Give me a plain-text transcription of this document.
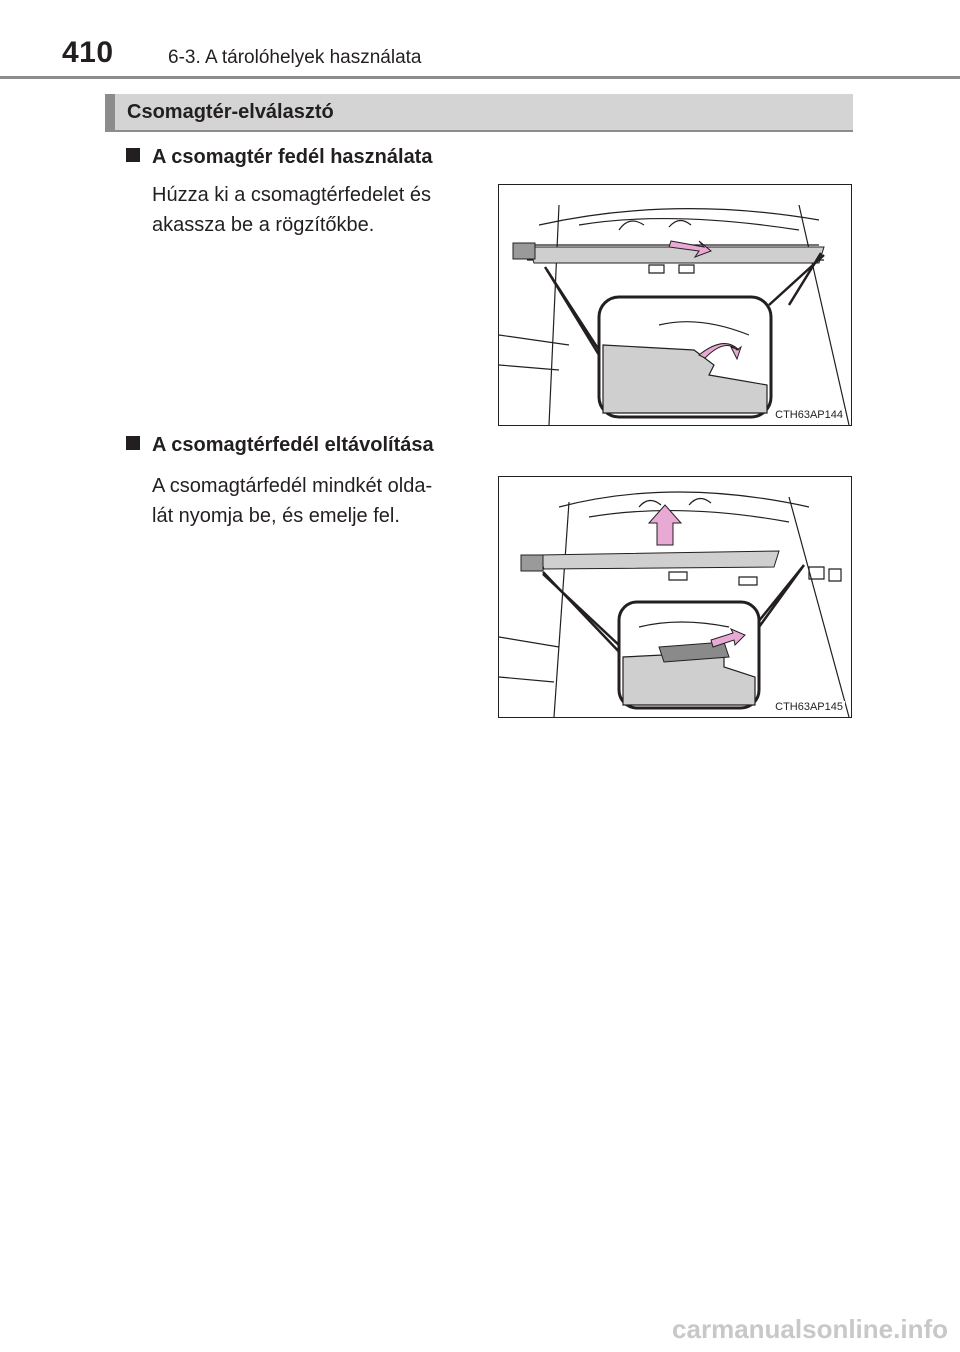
410	6-3. A tárolóhelyek használata
Csomagtér-elválasztó
A csomagtér fedél használata

Húzza ki a csomagtérfedelet és

akassza be a rögzítőkbe.

CTH63AP144
A csomagtérfedél eltávolítása

A csomagtárfedél mindkét olda-

lát nyomja be, és emelje fel.

CTH63AP145
carmanualsonline.info
